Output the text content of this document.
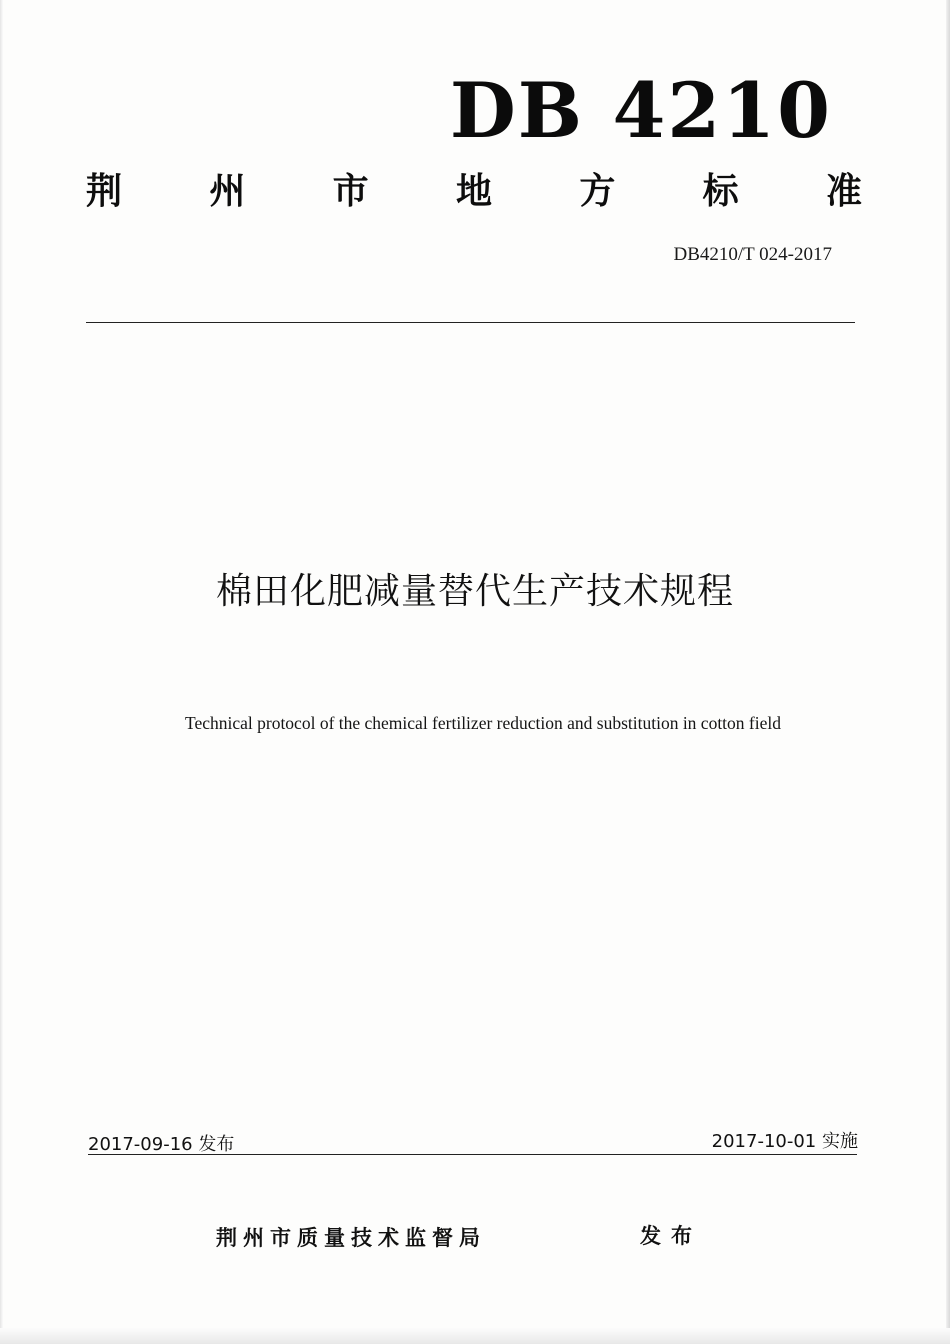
DB 4210
荆 州 市 地 方 标 准
DB4210/T 024-2017
棉田化肥减量替代生产技术规程
Technical protocol of the chemical fertilizer reduction and substitution in cotton field
2017-09-16 发布	2017-10-01 实施
荆州市质量技术监督局	发布
